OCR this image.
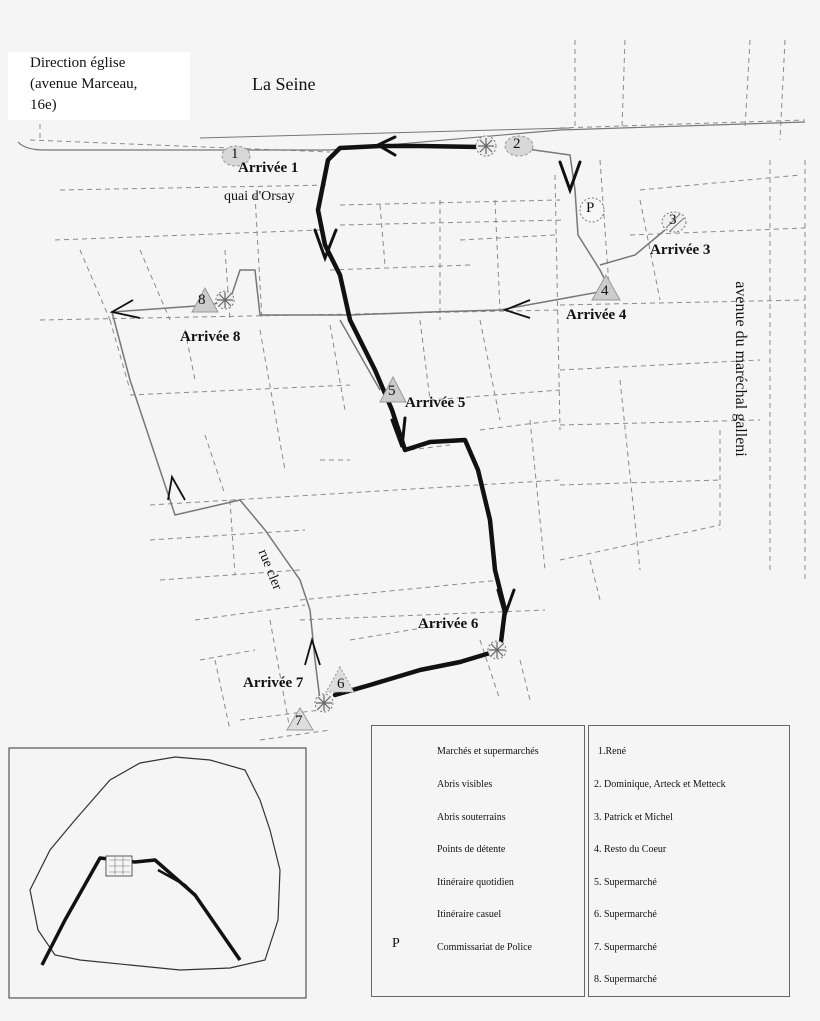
Direction église
(avenue Marceau,
16e)
La Seine
quai d'Orsay
avenue du maréchal galleni
rue cler
Arrivée 1
Arrivée 3
Arrivée 4
Arrivée 5
Arrivée 6
Arrivée 7
Arrivée 8
1
2
3
4
5
6
7
8
P
Marchés et supermarchés
Abris visibles
Abris souterrains
Points de détente
Itinéraire quotidien
Itinéraire casuel
Commissariat de Police
P
1.René
2. Dominique, Arteck et Metteck
3. Patrick et Michel
4. Resto du Coeur
5. Supermarché
6. Supermarché
7. Supermarché
8. Supermarché
